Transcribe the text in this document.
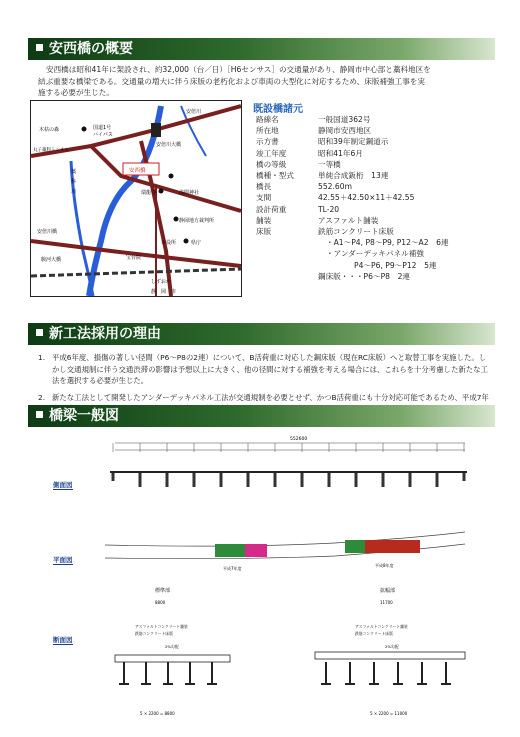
安西橋の概要
安西橋は昭和41年に架設され、約32,000（台／日）［H6センサス］の交通量があり、静岡市中心部と藁科地区を
結ぶ重要な橋梁である。交通量の増大に伴う床版の老朽化および車両の大型化に対応するため、床版補強工事を実
施する必要が生じた。
木枯の森	国道1号
バイパス
安倍川
丸子藁科トンネル
藁
科
川
安倍川大橋
安西橋
瑞龍寺	浅間神社
静岡地方裁判所
市役所	県庁
安倍川橋
駿河大橋	宝台院
静　岡　市
しずおか
既設橋諸元
路線名	一般国道362号
所在地	静岡市安西地区
示方書	昭和39年制定鋼道示
竣工年度	昭和41年6月
橋の等級	一等橋
橋種・型式	単純合成鈑桁　13連
橋長	552.60m
支間	42.55＋42.50×11＋42.55
設計荷重	TL-20
舗装	アスファルト舗装
床版	鉄筋コンクリート床版
・A1～P4, P8～P9, P12～A2　6連
・アンダーデッキパネル補強
P4～P6, P9～P12　5連
鋼床版・・・P6～P8　2連
新工法採用の理由
1. 平成6年度、損傷の著しい径間（P6～P8の2連）について、B活荷重に対応した鋼床版（現在RC床版）へと取替工事を実施した。しかし交通規制に伴う交通渋滞の影響は予想以上に大きく、他の径間に対する補強を考える場合には、これらを十分考慮した新たな工法を選択する必要が生じた。
2. 新たな工法として開発したアンダーデッキパネル工法が交通規制を必要とせず、かつB活荷重にも十分対応可能であるため、平成7年
橋梁一般図
側面図
平面図
断面図
552600
平成7年度
平成8年度
標準部	拡幅部
8800	11700
アスファルトコンクリート舗装
鉄筋コンクリート床版
2%勾配
アスファルトコンクリート舗装
鉄筋コンクリート床版
2%勾配
5 × 2200 = 8800	5 × 2200 = 11000
